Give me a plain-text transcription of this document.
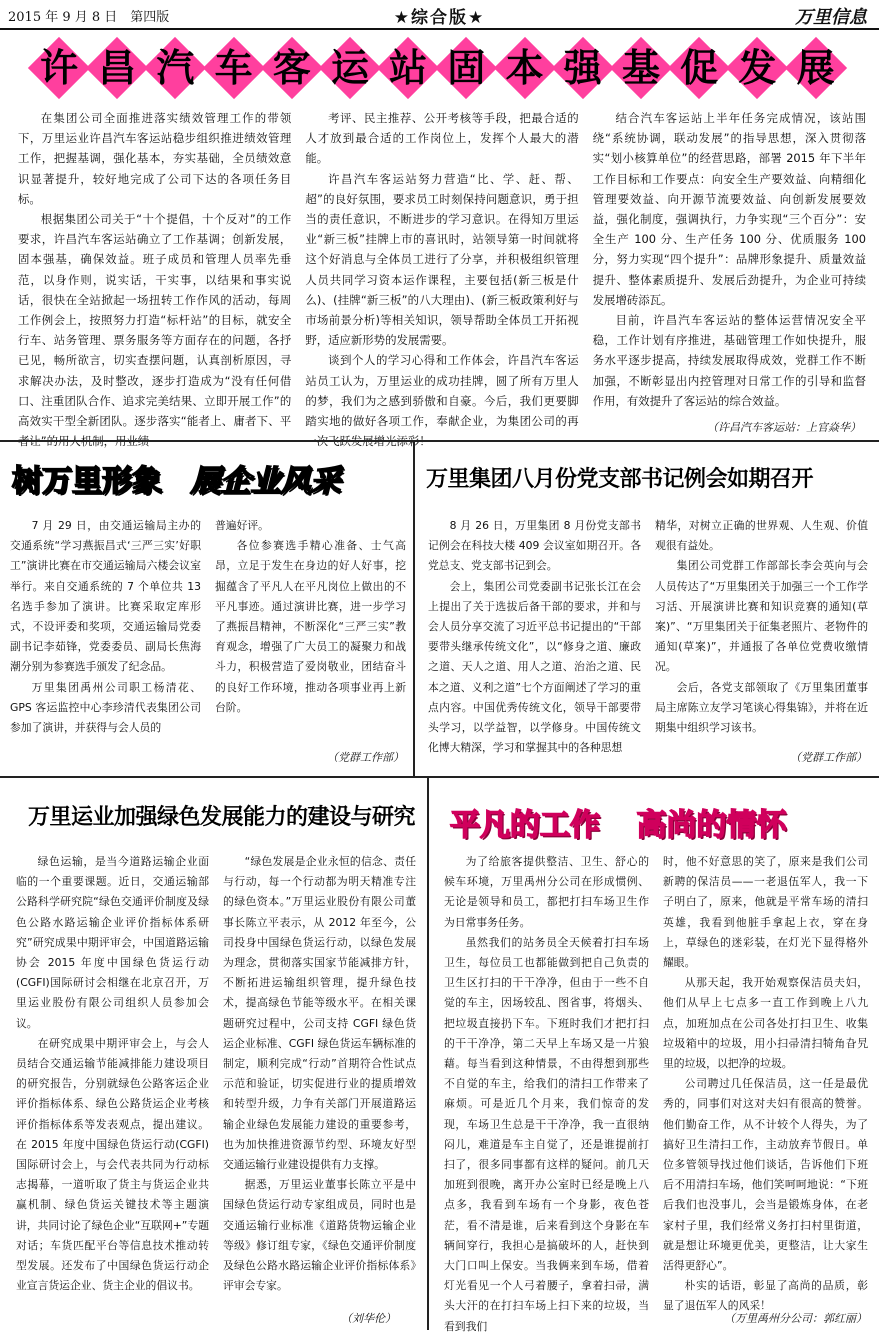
2015 年 9 月 8 日　第四版	★综合版★	万里信息
许 昌 汽 车 客 运 站 固 本 强 基 促 发 展

在集团公司全面推进落实绩效管理工作的带领下，万里运业许昌汽车客运站稳步组织推进绩效管理工作，把握基调，强化基本，夯实基础，全员绩效意识显著提升，较好地完成了公司下达的各项任务目标。

根据集团公司关于“十个提倡，十个反对”的工作要求，许昌汽车客运站确立了工作基调；创新发展，固本强基，确保效益。班子成员和管理人员率先垂范，以身作则，说实话，干实事，以结果和事实说话，很快在全站掀起一场扭转工作作风的活动，每周工作例会上，按照努力打造“标杆站”的目标，就安全行车、站务管理、票务服务等方面存在的问题，各抒已见，畅所欲言，切实查摆问题，认真剖析原因，寻求解决办法，及时整改，逐步打造成为“没有任何借口、注重团队合作、追求完美结果、立即开展工作”的高效实干型全新团队。逐步落实“能者上、庸者下、平

考评、民主推荐、公开考核等手段，把最合适的人才放到最合适的工作岗位上，发挥个人最大的潜能。

许昌汽车客运站努力营造“比、学、赶、帮、超”的良好氛围，要求员工时刻保持问题意识，勇于担当的责任意识，不断进步的学习意识。在得知万里运业“新三板”挂牌上市的喜讯时，站领导第一时间就将这个好消息与全体员工进行了分享，并积极组织管理人员共同学习资本运作课程，主要包括(新三板是什么)、(挂牌“新三板”的八大理由)、(新三板政策利好与市场前景分析)等相关知识，领导帮助全体员工开拓视野，适应新形势的发展需要。

谈到个人的学习心得和工作体会，许昌汽车客运站员工认为，万里运业的成功挂牌，圆了所有万里人的梦，我们为之感到骄傲和自豪。今后，我们更要脚踏实地的做好各项工作，奉献企业，为集团公司的再

结合汽车客运站上半年任务完成情况，该站围绕“系统协调，联动发展”的指导思想，深入贯彻落实“划小核算单位”的经营思路，部署 2015 年下半年工作目标和工作要点：向安全生产要效益、向精细化管理要效益、向开源节流要效益、向创新发展要效益，强化制度，强调执行，力争实现“三个百分”：安全生产 100 分、生产任务 100 分、优质服务 100 分，努力实现“四个提升”：品牌形象提升、质量效益提升、整体素质提升、发展后劲提升，为企业可持续发展增砖添瓦。

目前，许昌汽车客运站的整体运营情况安全平稳，工作计划有序推进，基础管理工作如快提升，服务水平逐步提高，持续发展取得成效，党群工作不断加强，不断彰显出内控管理对日常工作的引导和监督作用，有效提升了客运站的综合效益。

（许昌汽车客运站：上官焱华）
树万里形象 展企业风采

7 月 29 日，由交通运输局主办的交通系统“学习燕振昌式‘三严三实’好职工”演讲比赛在市交通运输局六楼会议室举行。来自交通系统的 7 个单位共 13 名选手参加了演讲。比赛采取定库形式，不设评委和奖项，交通运输局党委副书记李茹锋，党委委员、副局长焦海潮分别为参赛选手颁发了纪念品。

万里集团禹州公司职工杨清花、GPS 客运监控中心李珍清代表集团公司参加了演讲，并获得与会人员的

普遍好评。

各位参赛选手精心准备、士气高昂，立足于发生在身边的好人好事，挖掘蕴含了平凡人在平凡岗位上做出的不平凡事迹。通过演讲比赛，进一步学习了燕振昌精神，不断深化“三严三实”教育观念，增强了广大员工的凝聚力和战斗力，积极营造了爱岗敬业，团结奋斗的良好工作环境，推动各项事业再上新台阶。

（党群工作部）
万里集团八月份党支部书记例会如期召开

8 月 26 日，万里集团 8 月份党支部书记例会在科技大楼 409 会议室如期召开。各党总支、党支部书记到会。

会上，集团公司党委副书记张长江在会上提出了关于选拔后备干部的要求，并和与会人员分享交流了习近平总书记提出的“干部要带头继承传统文化”，以“修身之道、廉政之道、天人之道、用人之道、治治之道、民本之道、义利之道”七个方面阐述了学习的重点内容。中国优秀传统文化，领导干部要带头学习，以学益智，以学修身。中国传统文化博大精深，学习和掌握其中的各种思想

精华，对树立正确的世界观、人生观、价值观很有益处。

集团公司党群工作部部长李会英向与会人员传达了“万里集团关于加强三一个工作学习活、开展演讲比赛和知识竞赛的通知(草案)”、“万里集团关于征集老照片、老物件的通知(草案)”，并通报了各单位党费收缴情况。

会后，各党支部领取了《万里集团董事局主席陈立友学习笔谈心得集锦》，并将在近期集中组织学习该书。

（党群工作部）
万里运业加强绿色发展能力的建设与研究

绿色运输，是当今道路运输企业面临的一个重要课题。近日，交通运输部公路科学研究院“绿色交通评价制度及绿色公路水路运输企业评价指标体系研究”研究成果中期评审会，中国道路运输协会 2015 年度中国绿色货运行动(CGFI)国际研讨会相继在北京召开，万里运业股份有限公司组织人员参加会议。

在研究成果中期评审会上，与会人员结合交通运输节能减排能力建设项目的研究报告，分别就绿色公路客运企业评价指标体系、绿色公路货运企业考核评价指标体系等发表观点，提出建议。在 2015 年度中国绿色货运行动(CGFI)国际研讨会上，与会代表共同为行动标志揭幕，一道听取了货主与货运企业共赢机制、绿色货运关键技术等主题演讲，共同讨论了绿色企业“互联网+”专题对话；车货匹配平台等信息技术推动转型发展。还发布了中国绿色货运行动企业宣言货运企业、货主企业的倡议书。

“绿色发展是企业永恒的信念、责任与行动，每一个行动都为明天精准专注的绿色资本。”万里运业股份有限公司董事长陈立平表示，从 2012 年至今，公司投身中国绿色货运行动，以绿色发展为理念，贯彻落实国家节能减排方针，不断拓进运输组织管理，提升绿色技术，提高绿色节能等级水平。在相关课题研究过程中，公司支持 CGFI 绿色货运企业标准、CGFI 绿色货运车辆标准的制定，顺利完成“行动”首期符合性试点示范和验证，切实促进行业的提质增效和转型升级，力争有关部门开展道路运输企业绿色发展能力建设的重要参考，也为加快推进资源节约型、环境友好型交通运输行业建设提供有力支撑。

据悉，万里运业董事长陈立平是中国绿色货运行动专家组成员，同时也是交通运输行业标准《道路货物运输企业等级》修订组专家，《绿色交通评价制度及绿色公路水路运输企业评价指标体系》评审会专家。

（刘华伦）
平凡的工作 高尚的情怀

为了给旅客提供整洁、卫生、舒心的候车环境，万里禹州分公司在形成惯例、无论是领导和员工，都把打扫车场卫生作为日常事务任务。

虽然我们的站务员全天候着打扫车场卫生，每位员工也都能做到把自己负责的卫生区打扫的干干净净，但由于一些不自觉的车主，因场较乱、图省事，将烟头、把垃圾直接扔下车。下班时我们才把打扫的干干净净，第二天早上车场又是一片狼藉。每当看到这种情景，不由得想到那些不自觉的车主，给我们的清扫工作带来了麻烦。可是近几个月来，我们惊奇的发现，车场卫生总是干干净净，我一直很纳闷儿，难道是车主自觉了，还是谁提前打扫了，很多同事都有这样的疑问。前几天加班到很晚，离开办公室时已经是晚上八点多，我看到车场有一个身影，夜色苍茫，看不清是谁，后来看到这个身影在车辆间穿行，我担心是搞破坏的人，赶快到大门口叫上保安。当我俩来到车场，借着灯光看见一个人弓着腰子，拿着扫帚，满头大汗的在打扫车场上扫下来的垃圾，当看到我们

时，他不好意思的笑了，原来是我们公司新聘的保洁员——一老退伍军人，我一下子明白了，原来，他就是平常车场的清扫英雄，我看到他脏手拿起上衣，穿在身上，草绿色的迷彩装，在灯光下显得格外耀眼。

从那天起，我开始观察保洁员夫妇，他们从早上七点多一直工作到晚上八九点，加班加点在公司各处打扫卫生、收集垃圾箱中的垃圾，用小扫帚清扫犄角旮旯里的垃圾，以把净的垃圾。

公司聘过几任保洁员，这一任是最优秀的，同事们对这对夫妇有很高的赞誉。他们勤奋工作，从不计较个人得失，为了搞好卫生清扫工作，主动放弃节假日。单位多管领导找过他们谈话，告诉他们下班后不用清扫车场，他们笑呵呵地说：“下班后我们也没事儿，会当是锻炼身体，在老家村子里，我们经常义务打扫村里街道，就是想让环境更优美，更整洁，让大家生活得更舒心”。

朴实的话语，彰显了高尚的品质，彰显了退伍军人的风采！

（万里禹州分公司：郭红丽）
